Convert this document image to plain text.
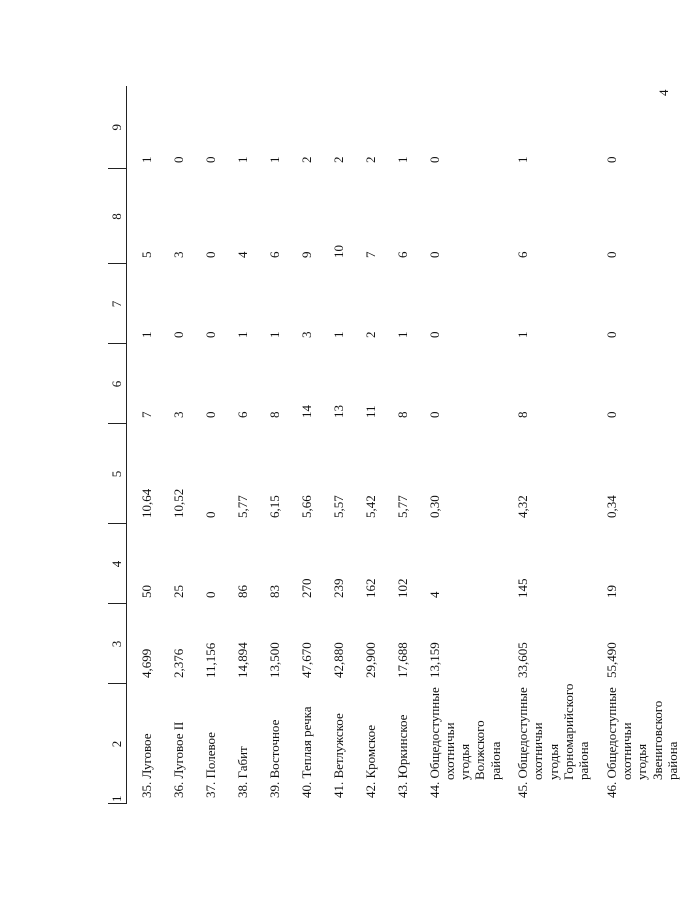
4
1	2	3	4	5	6	7	8	9

35. Луговое	4,699	50	10,64	7	1	5	1

36. Луговое II	2,376	25	10,52	3	0	3	0

37. Полевое	11,156	0	0	0	0	0	0

38. Габит	14,894	86	5,77	6	1	4	1

39. Восточное	13,500	83	6,15	8	1	6	1

40. Теплая речка	47,670	270	5,66	14	3	9	2

41. Ветлужское	42,880	239	5,57	13	1	10	2

42. Кромское	29,900	162	5,42	11	2	7	2

43. Юркинское	17,688	102	5,77	8	1	6	1

44. Общедоступные охотничьи угодья Волжского района	13,159	4	0,30	0	0	0	0

45. Общедоступные охотничьи угодья Горномарийского района	33,605	145	4,32	8	1	6	1

46. Общедоступные охотничьи угодья Звениговского района	55,490	19	0,34	0	0	0	0
